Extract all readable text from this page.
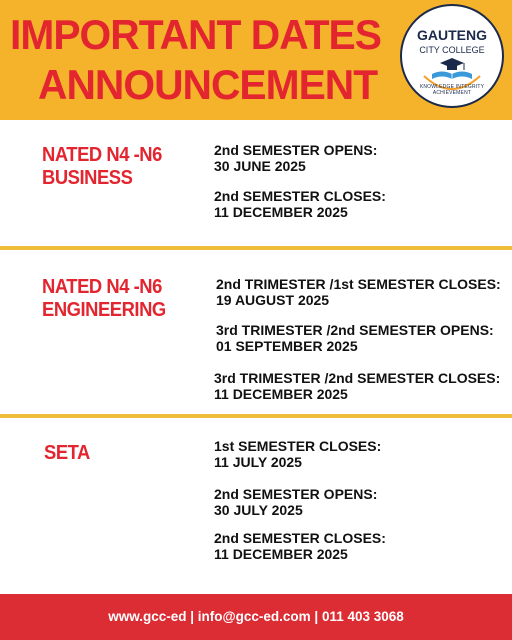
IMPORTANT DATES
ANNOUNCEMENT
GAUTENG
CITY COLLEGE
KNOWLEDGE INTEGRITY ACHIEVEMENT
NATED N4 -N6
BUSINESS
2nd SEMESTER OPENS:
30 JUNE 2025
2nd SEMESTER CLOSES:
11 DECEMBER 2025
NATED N4 -N6
ENGINEERING
2nd TRIMESTER /1st SEMESTER CLOSES:
19 AUGUST 2025
3rd TRIMESTER /2nd SEMESTER OPENS:
01 SEPTEMBER 2025
3rd TRIMESTER /2nd SEMESTER CLOSES:
11 DECEMBER 2025
SETA	1st SEMESTER CLOSES:
11 JULY 2025
2nd SEMESTER OPENS:
30 JULY 2025
2nd SEMESTER CLOSES:
11 DECEMBER 2025
www.gcc-ed | info@gcc-ed.com | 011 403 3068
